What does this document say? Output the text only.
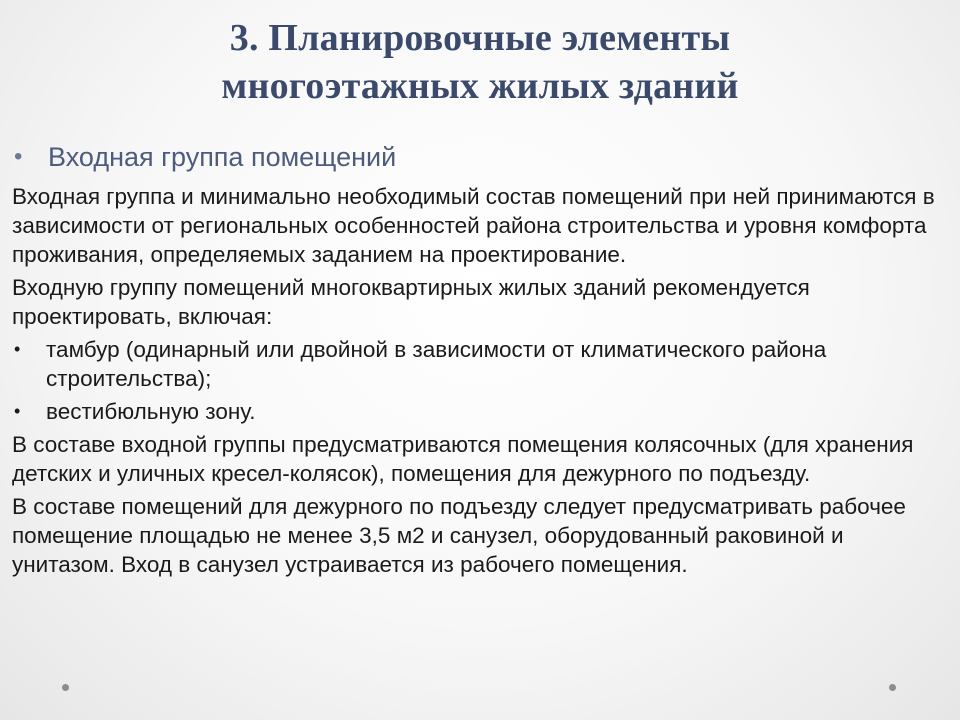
3. Планировочные элементы
многоэтажных жилых зданий
• Входная группа помещений

Входная группа и минимально необходимый состав помещений при ней принимаются в зависимости от региональных особенностей района строительства и уровня комфорта проживания, определяемых заданием на проектирование.

Входную группу помещений многоквартирных жилых зданий рекомендуется проектировать, включая:

• тамбур (одинарный или двойной в зависимости от климатического района строительства);
• вестибюльную зону.

В составе входной группы предусматриваются помещения колясочных (для хранения детских и уличных кресел-колясок), помещения для дежурного по подъезду.

В составе помещений для дежурного по подъезду следует предусматривать рабочее помещение площадью не менее 3,5 м2 и санузел, оборудованный раковиной и унитазом. Вход в санузел устраивается из рабочего помещения.
